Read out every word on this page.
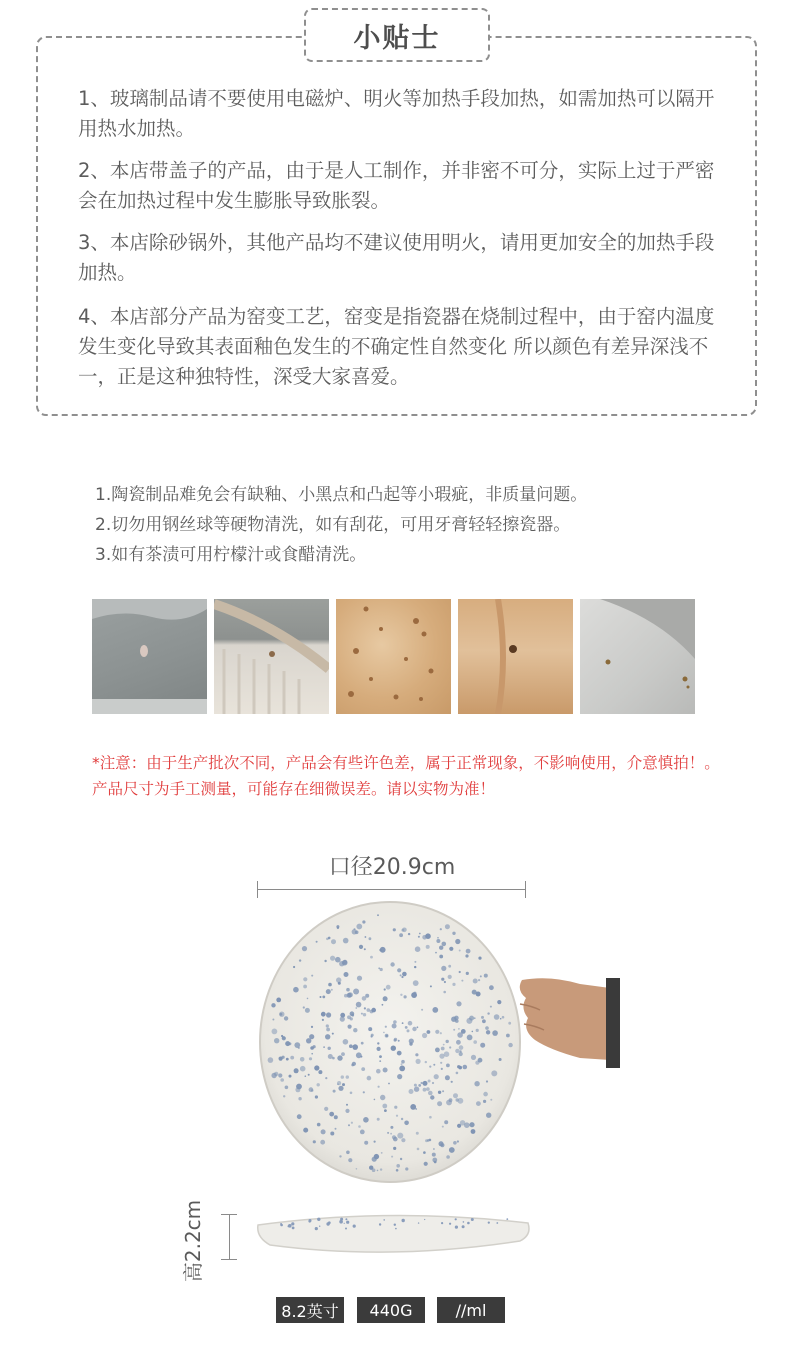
小贴士

1、玻璃制品请不要使用电磁炉、明火等加热手段加热，如需加热可以隔开用热水加热。

2、本店带盖子的产品，由于是人工制作，并非密不可分，实际上过于严密会在加热过程中发生膨胀导致胀裂。

3、本店除砂锅外，其他产品均不建议使用明火，请用更加安全的加热手段加热。

4、本店部分产品为窑变工艺，窑变是指瓷器在烧制过程中，由于窑内温度发生变化导致其表面釉色发生的不确定性自然变化 所以颜色有差异深浅不一，正是这种独特性，深受大家喜爱。

1.陶瓷制品难免会有缺釉、小黑点和凸起等小瑕疵，非质量问题。

2.切勿用钢丝球等硬物清洗，如有刮花，可用牙膏轻轻擦瓷器。

3.如有茶渍可用柠檬汁或食醋清洗。

*注意：由于生产批次不同，产品会有些许色差，属于正常现象，不影响使用，介意慎拍！。产品尺寸为手工测量，可能存在细微误差。请以实物为准！

口径20.9cm
高2.2cm
8.2英寸	440G	//ml
